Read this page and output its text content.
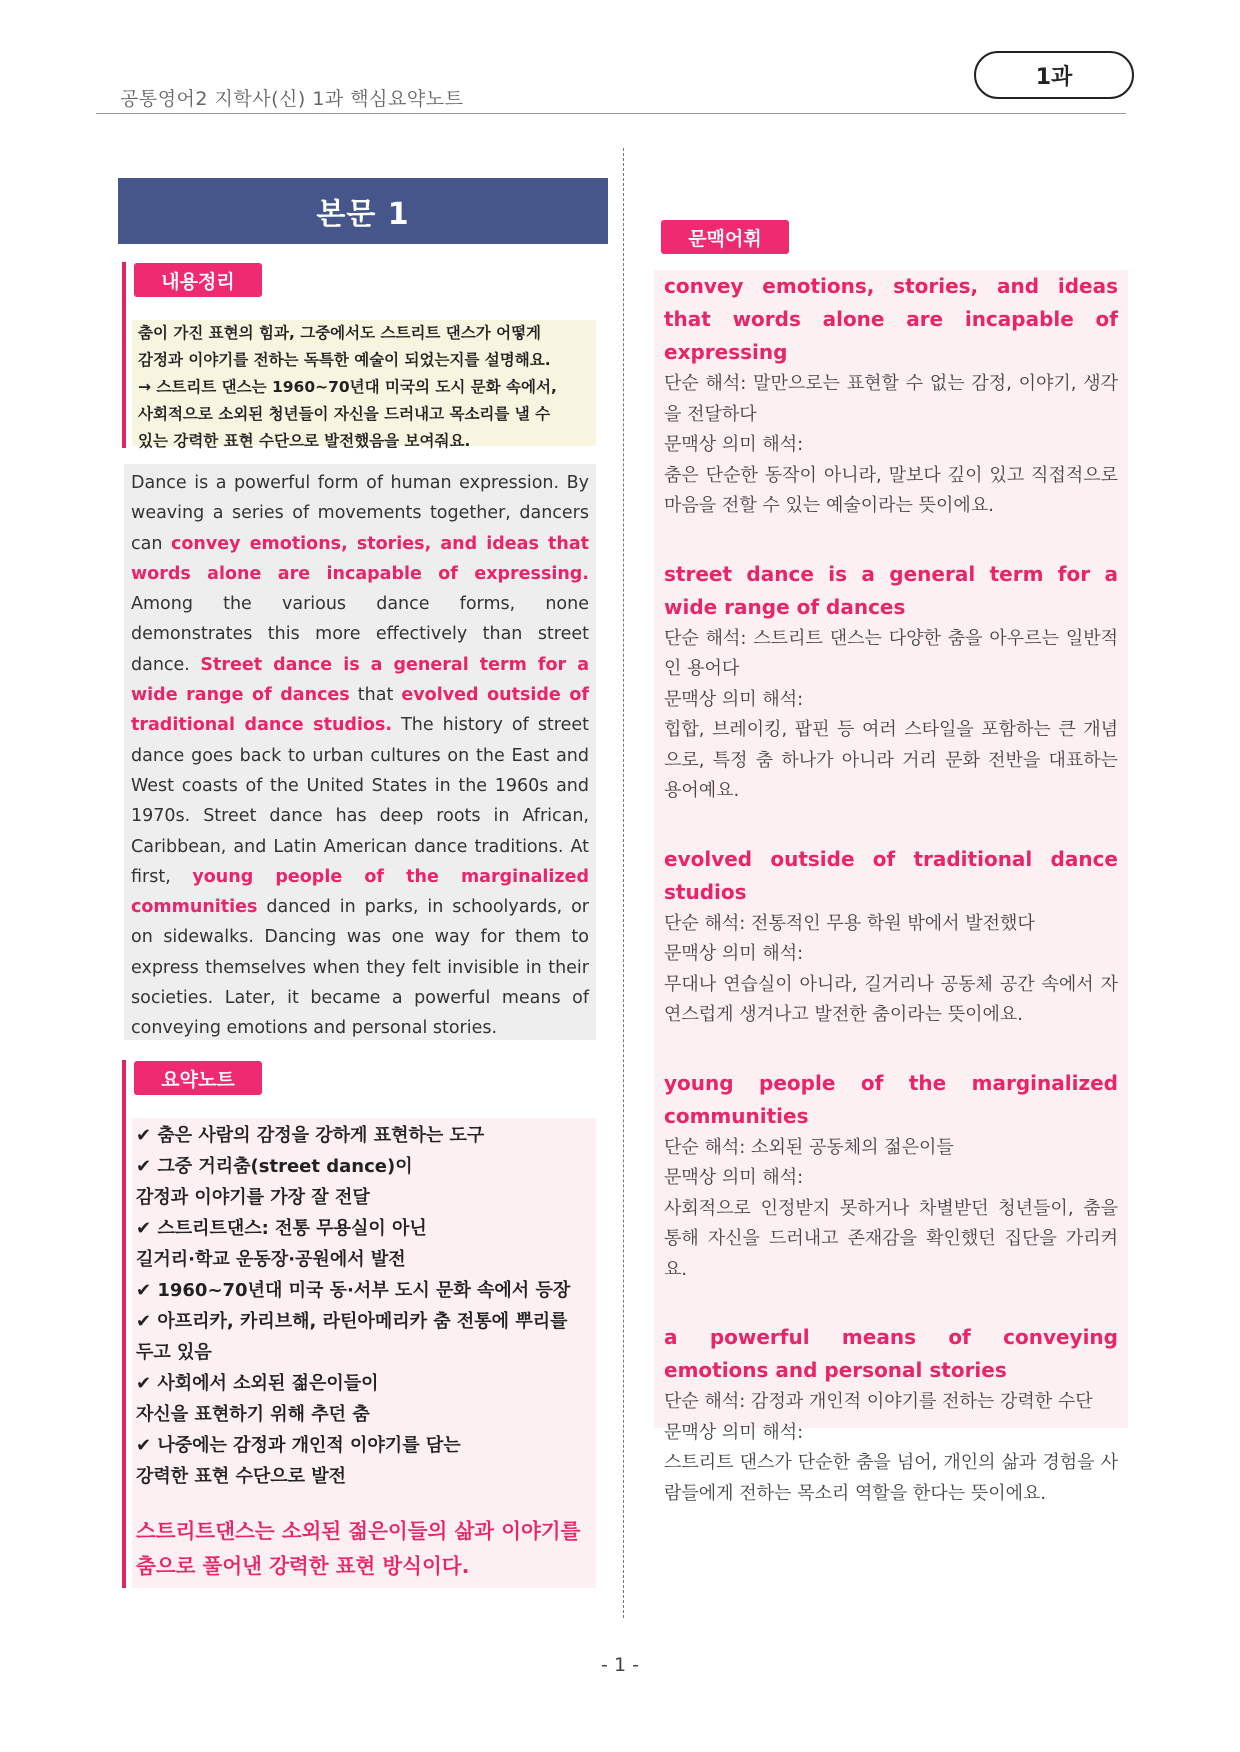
공통영어2 지학사(신) 1과 핵심요약노트
1과
본문 1
내용정리
춤이 가진 표현의 힘과, 그중에서도 스트리트 댄스가 어떻게
감정과 이야기를 전하는 독특한 예술이 되었는지를 설명해요.
→ 스트리트 댄스는 1960~70년대 미국의 도시 문화 속에서,
사회적으로 소외된 청년들이 자신을 드러내고 목소리를 낼 수
있는 강력한 표현 수단으로 발전했음을 보여줘요.
Dance is a powerful form of human expression. By weaving a series of movements together, dancers can convey emotions, stories, and ideas that words alone are incapable of expressing. Among the various dance forms, none demonstrates this more effectively than street dance. Street dance is a general term for a wide range of dances that evolved outside of traditional dance studios. The history of street dance goes back to urban cultures on the East and West coasts of the United States in the 1960s and 1970s. Street dance has deep roots in African, Caribbean, and Latin American dance traditions. At first, young people of the marginalized communities danced in parks, in schoolyards, or on sidewalks. Dancing was one way for them to express themselves when they felt invisible in their societies. Later, it became a powerful means of conveying emotions and personal stories.
요약노트
✔ 춤은 사람의 감정을 강하게 표현하는 도구
✔ 그중 거리춤(street dance)이
감정과 이야기를 가장 잘 전달
✔ 스트리트댄스: 전통 무용실이 아닌
길거리·학교 운동장·공원에서 발전
✔ 1960~70년대 미국 동·서부 도시 문화 속에서 등장
✔ 아프리카, 카리브해, 라틴아메리카 춤 전통에 뿌리를
두고 있음
✔ 사회에서 소외된 젊은이들이
자신을 표현하기 위해 추던 춤
✔ 나중에는 감정과 개인적 이야기를 담는
강력한 표현 수단으로 발전
스트리트댄스는 소외된 젊은이들의 삶과 이야기를 춤으로 풀어낸 강력한 표현 방식이다.
문맥어휘
convey emotions, stories, and ideas that words alone are incapable of expressing
단순 해석: 말만으로는 표현할 수 없는 감정, 이야기, 생각을 전달하다
문맥상 의미 해석:
춤은 단순한 동작이 아니라, 말보다 깊이 있고 직접적으로 마음을 전할 수 있는 예술이라는 뜻이에요.
street dance is a general term for a wide range of dances
단순 해석: 스트리트 댄스는 다양한 춤을 아우르는 일반적인 용어다
문맥상 의미 해석:
힙합, 브레이킹, 팝핀 등 여러 스타일을 포함하는 큰 개념으로, 특정 춤 하나가 아니라 거리 문화 전반을 대표하는 용어예요.
evolved outside of traditional dance studios
단순 해석: 전통적인 무용 학원 밖에서 발전했다
문맥상 의미 해석:
무대나 연습실이 아니라, 길거리나 공동체 공간 속에서 자연스럽게 생겨나고 발전한 춤이라는 뜻이에요.
young people of the marginalized communities
단순 해석: 소외된 공동체의 젊은이들
문맥상 의미 해석:
사회적으로 인정받지 못하거나 차별받던 청년들이, 춤을 통해 자신을 드러내고 존재감을 확인했던 집단을 가리켜요.
a powerful means of conveying emotions and personal stories
단순 해석: 감정과 개인적 이야기를 전하는 강력한 수단
문맥상 의미 해석:
스트리트 댄스가 단순한 춤을 넘어, 개인의 삶과 경험을 사람들에게 전하는 목소리 역할을 한다는 뜻이에요.
- 1 -
